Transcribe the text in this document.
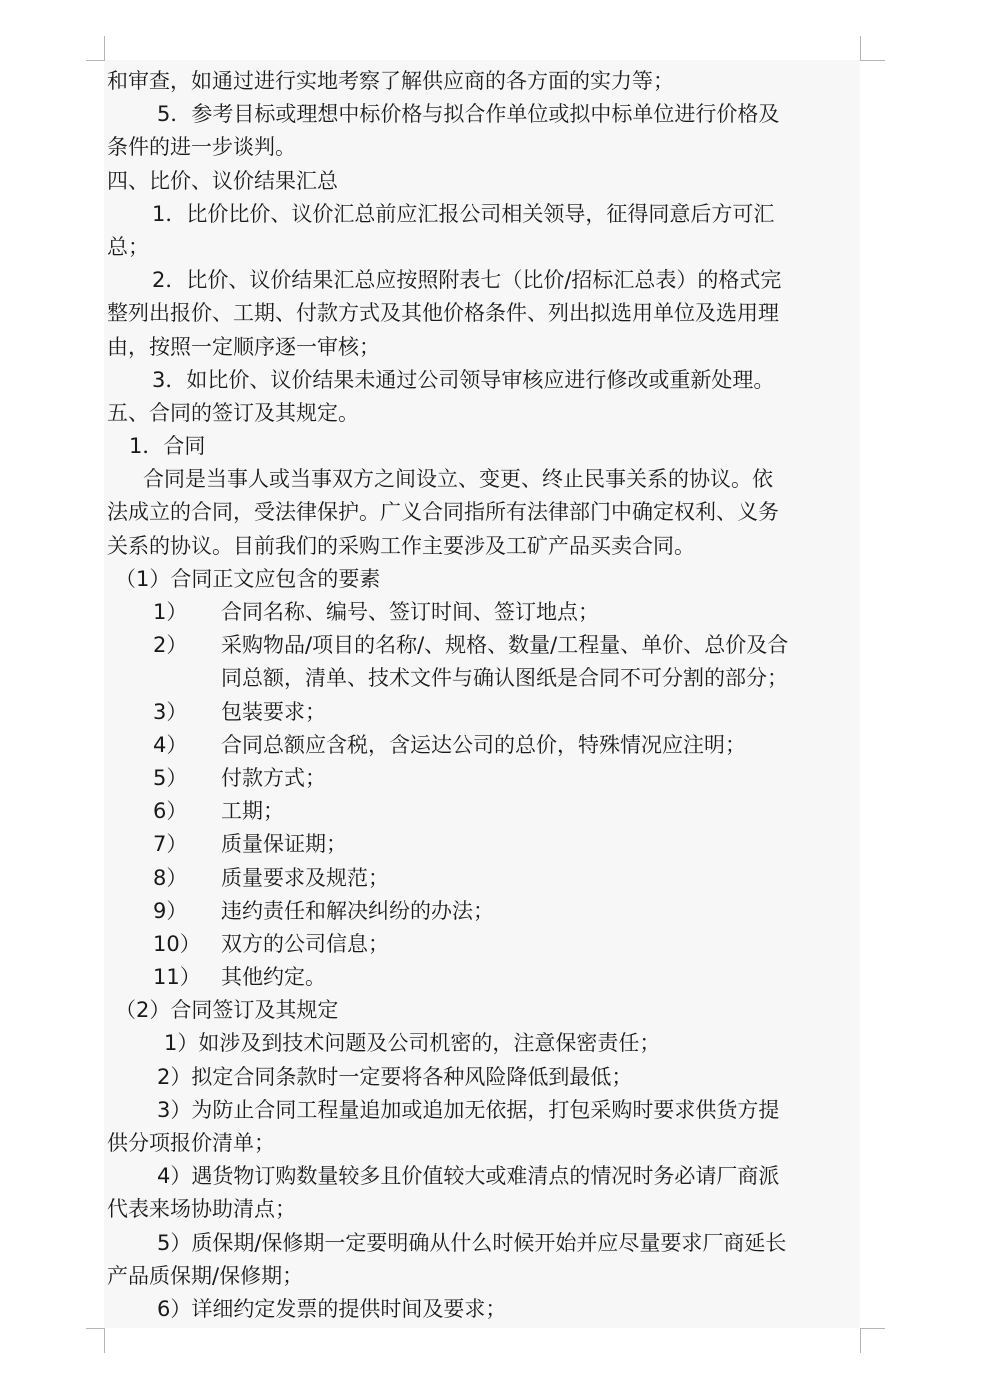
和审查，如通过进行实地考察了解供应商的各方面的实力等；
5．参考目标或理想中标价格与拟合作单位或拟中标单位进行价格及
条件的进一步谈判。
四、比价、议价结果汇总
1．比价比价、议价汇总前应汇报公司相关领导，征得同意后方可汇
总；
2．比价、议价结果汇总应按照附表七（比价/招标汇总表）的格式完
整列出报价、工期、付款方式及其他价格条件、列出拟选用单位及选用理
由，按照一定顺序逐一审核；
3．如比价、议价结果未通过公司领导审核应进行修改或重新处理。
五、合同的签订及其规定。
1．合同
合同是当事人或当事双方之间设立、变更、终止民事关系的协议。依
法成立的合同，受法律保护。广义合同指所有法律部门中确定权利、义务
关系的协议。目前我们的采购工作主要涉及工矿产品买卖合同。
（1）合同正文应包含的要素
1）	合同名称、编号、签订时间、签订地点；
2）	采购物品/项目的名称/、规格、数量/工程量、单价、总价及合
同总额，清单、技术文件与确认图纸是合同不可分割的部分；
3）	包装要求；
4）	合同总额应含税，含运达公司的总价，特殊情况应注明；
5）	付款方式；
6）	工期；
7）	质量保证期；
8）	质量要求及规范；
9）	违约责任和解决纠纷的办法；
10） 双方的公司信息；
11） 其他约定。
（2）合同签订及其规定
1）如涉及到技术问题及公司机密的，注意保密责任；
2）拟定合同条款时一定要将各种风险降低到最低；
3）为防止合同工程量追加或追加无依据，打包采购时要求供货方提
供分项报价清单；
4）遇货物订购数量较多且价值较大或难清点的情况时务必请厂商派
代表来场协助清点；
5）质保期/保修期一定要明确从什么时候开始并应尽量要求厂商延长
产品质保期/保修期；
6）详细约定发票的提供时间及要求；
